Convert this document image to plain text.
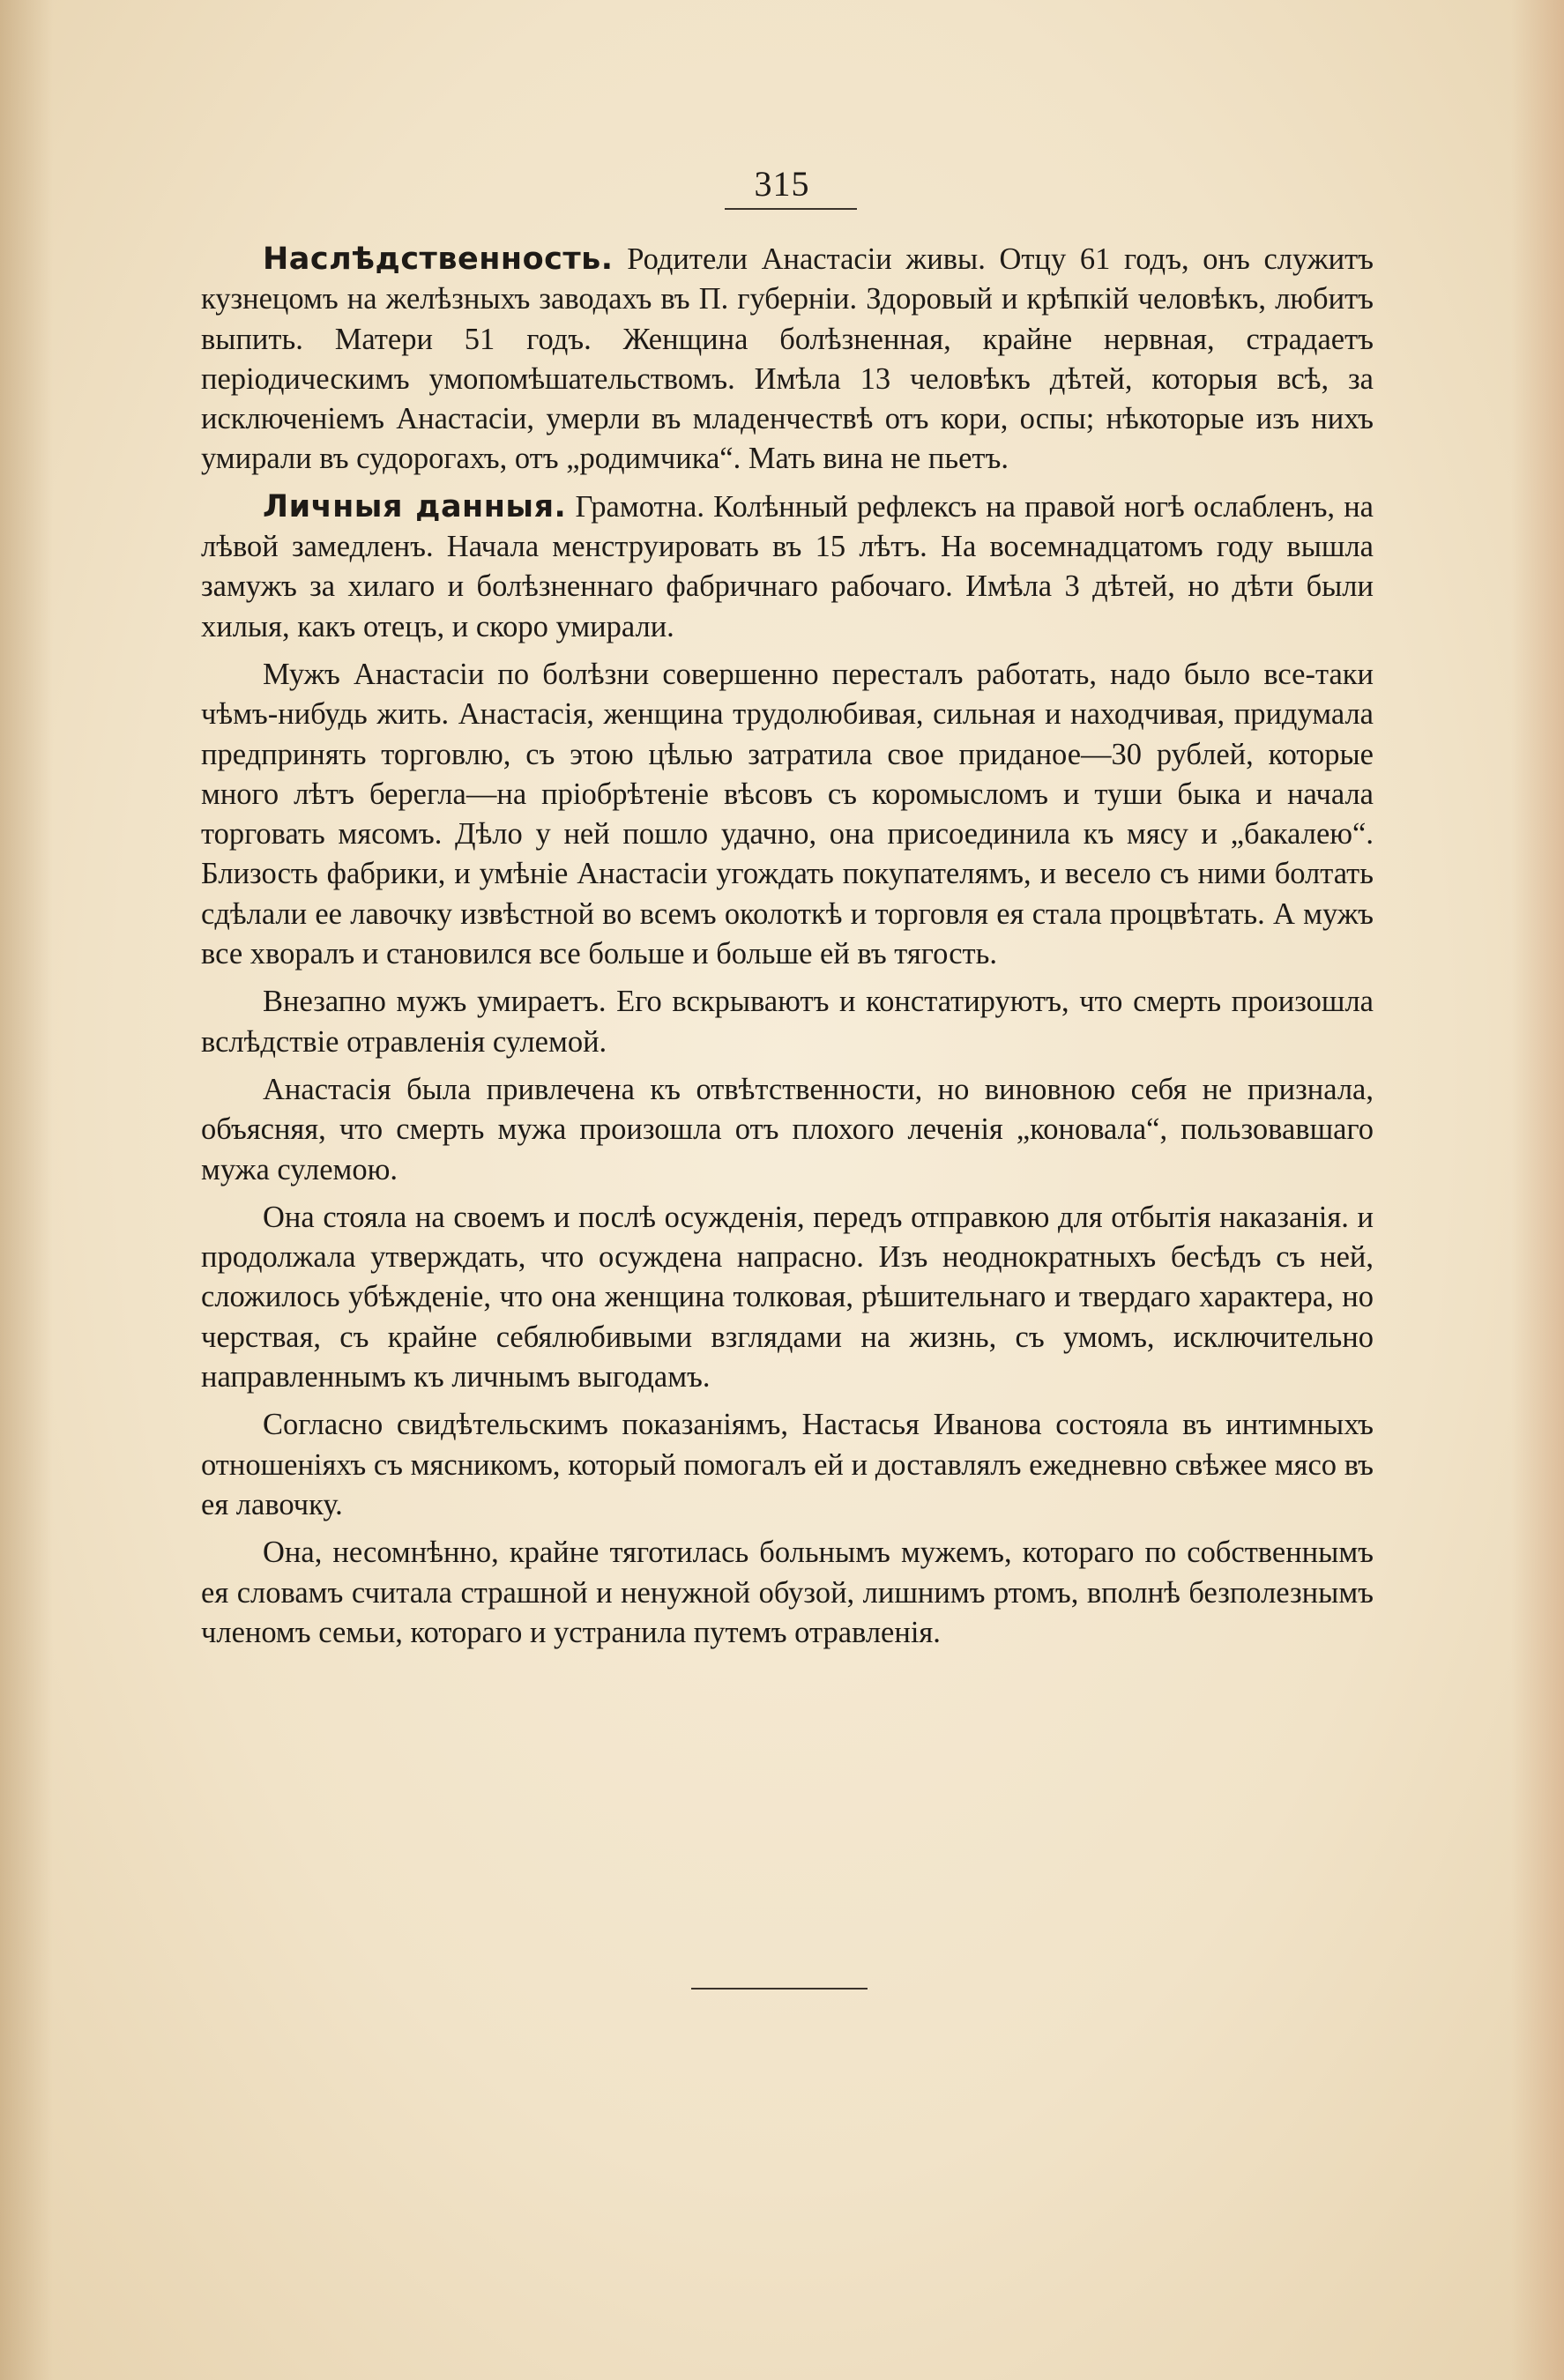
315

Наслѣдственность. Родители Анастасіи живы. Отцу 61 годъ, онъ служитъ кузнецомъ на желѣзныхъ заводахъ въ П. губерніи. Здоровый и крѣпкій человѣкъ, любитъ выпить. Матери 51 годъ. Женщина болѣзненная, крайне нервная, страдаетъ періодическимъ умопомѣшательствомъ. Имѣла 13 человѣкъ дѣтей, которыя всѣ, за исключеніемъ Анастасіи, умерли въ младенчествѣ отъ кори, оспы; нѣкоторые изъ нихъ умирали въ судорогахъ, отъ „родимчика“. Мать вина не пьетъ.

Личныя данныя. Грамотна. Колѣнный рефлексъ на правой ногѣ ослабленъ, на лѣвой замедленъ. Начала менструировать въ 15 лѣтъ. На восемнадцатомъ году вышла замужъ за хилаго и болѣзненнаго фабричнаго рабочаго. Имѣла 3 дѣтей, но дѣти были хилыя, какъ отецъ, и скоро умирали.

Мужъ Анастасіи по болѣзни совершенно пересталъ работать, надо было все-таки чѣмъ-нибудь жить. Анастасія, женщина трудолюбивая, сильная и находчивая, придумала предпринять торговлю, съ этою цѣлью затратила свое приданое—30 рублей, которые много лѣтъ берегла—на пріобрѣтеніе вѣсовъ съ коромысломъ и туши быка и начала торговать мясомъ. Дѣло у ней пошло удачно, она присоединила къ мясу и „бакалею“. Близость фабрики, и умѣніе Анастасіи угождать покупателямъ, и весело съ ними болтать сдѣлали ее лавочку извѣстной во всемъ околоткѣ и торговля ея стала процвѣтать. А мужъ все хворалъ и становился все больше и больше ей въ тягость.

Внезапно мужъ умираетъ. Его вскрываютъ и констатируютъ, что смерть произошла вслѣдствіе отравленія сулемой.

Анастасія была привлечена къ отвѣтственности, но виновною себя не признала, объясняя, что смерть мужа произошла отъ плохого леченія „коновала“, пользовавшаго мужа сулемою.

Она стояла на своемъ и послѣ осужденія, передъ отправкою для отбытія наказанія. и продолжала утверждать, что осуждена напрасно. Изъ неоднократныхъ бесѣдъ съ ней, сложилось убѣжденіе, что она женщина толковая, рѣшительнаго и твердаго характера, но черствая, съ крайне себялюбивыми взглядами на жизнь, съ умомъ, исключительно направленнымъ къ личнымъ выгодамъ.

Согласно свидѣтельскимъ показаніямъ, Настасья Иванова состояла въ интимныхъ отношеніяхъ съ мясникомъ, который помогалъ ей и доставлялъ ежедневно свѣжее мясо въ ея лавочку.

Она, несомнѣнно, крайне тяготилась больнымъ мужемъ, котораго по собственнымъ ея словамъ считала страшной и ненужной обузой, лишнимъ ртомъ, вполнѣ безполезнымъ членомъ семьи, котораго и устранила путемъ отравленія.
